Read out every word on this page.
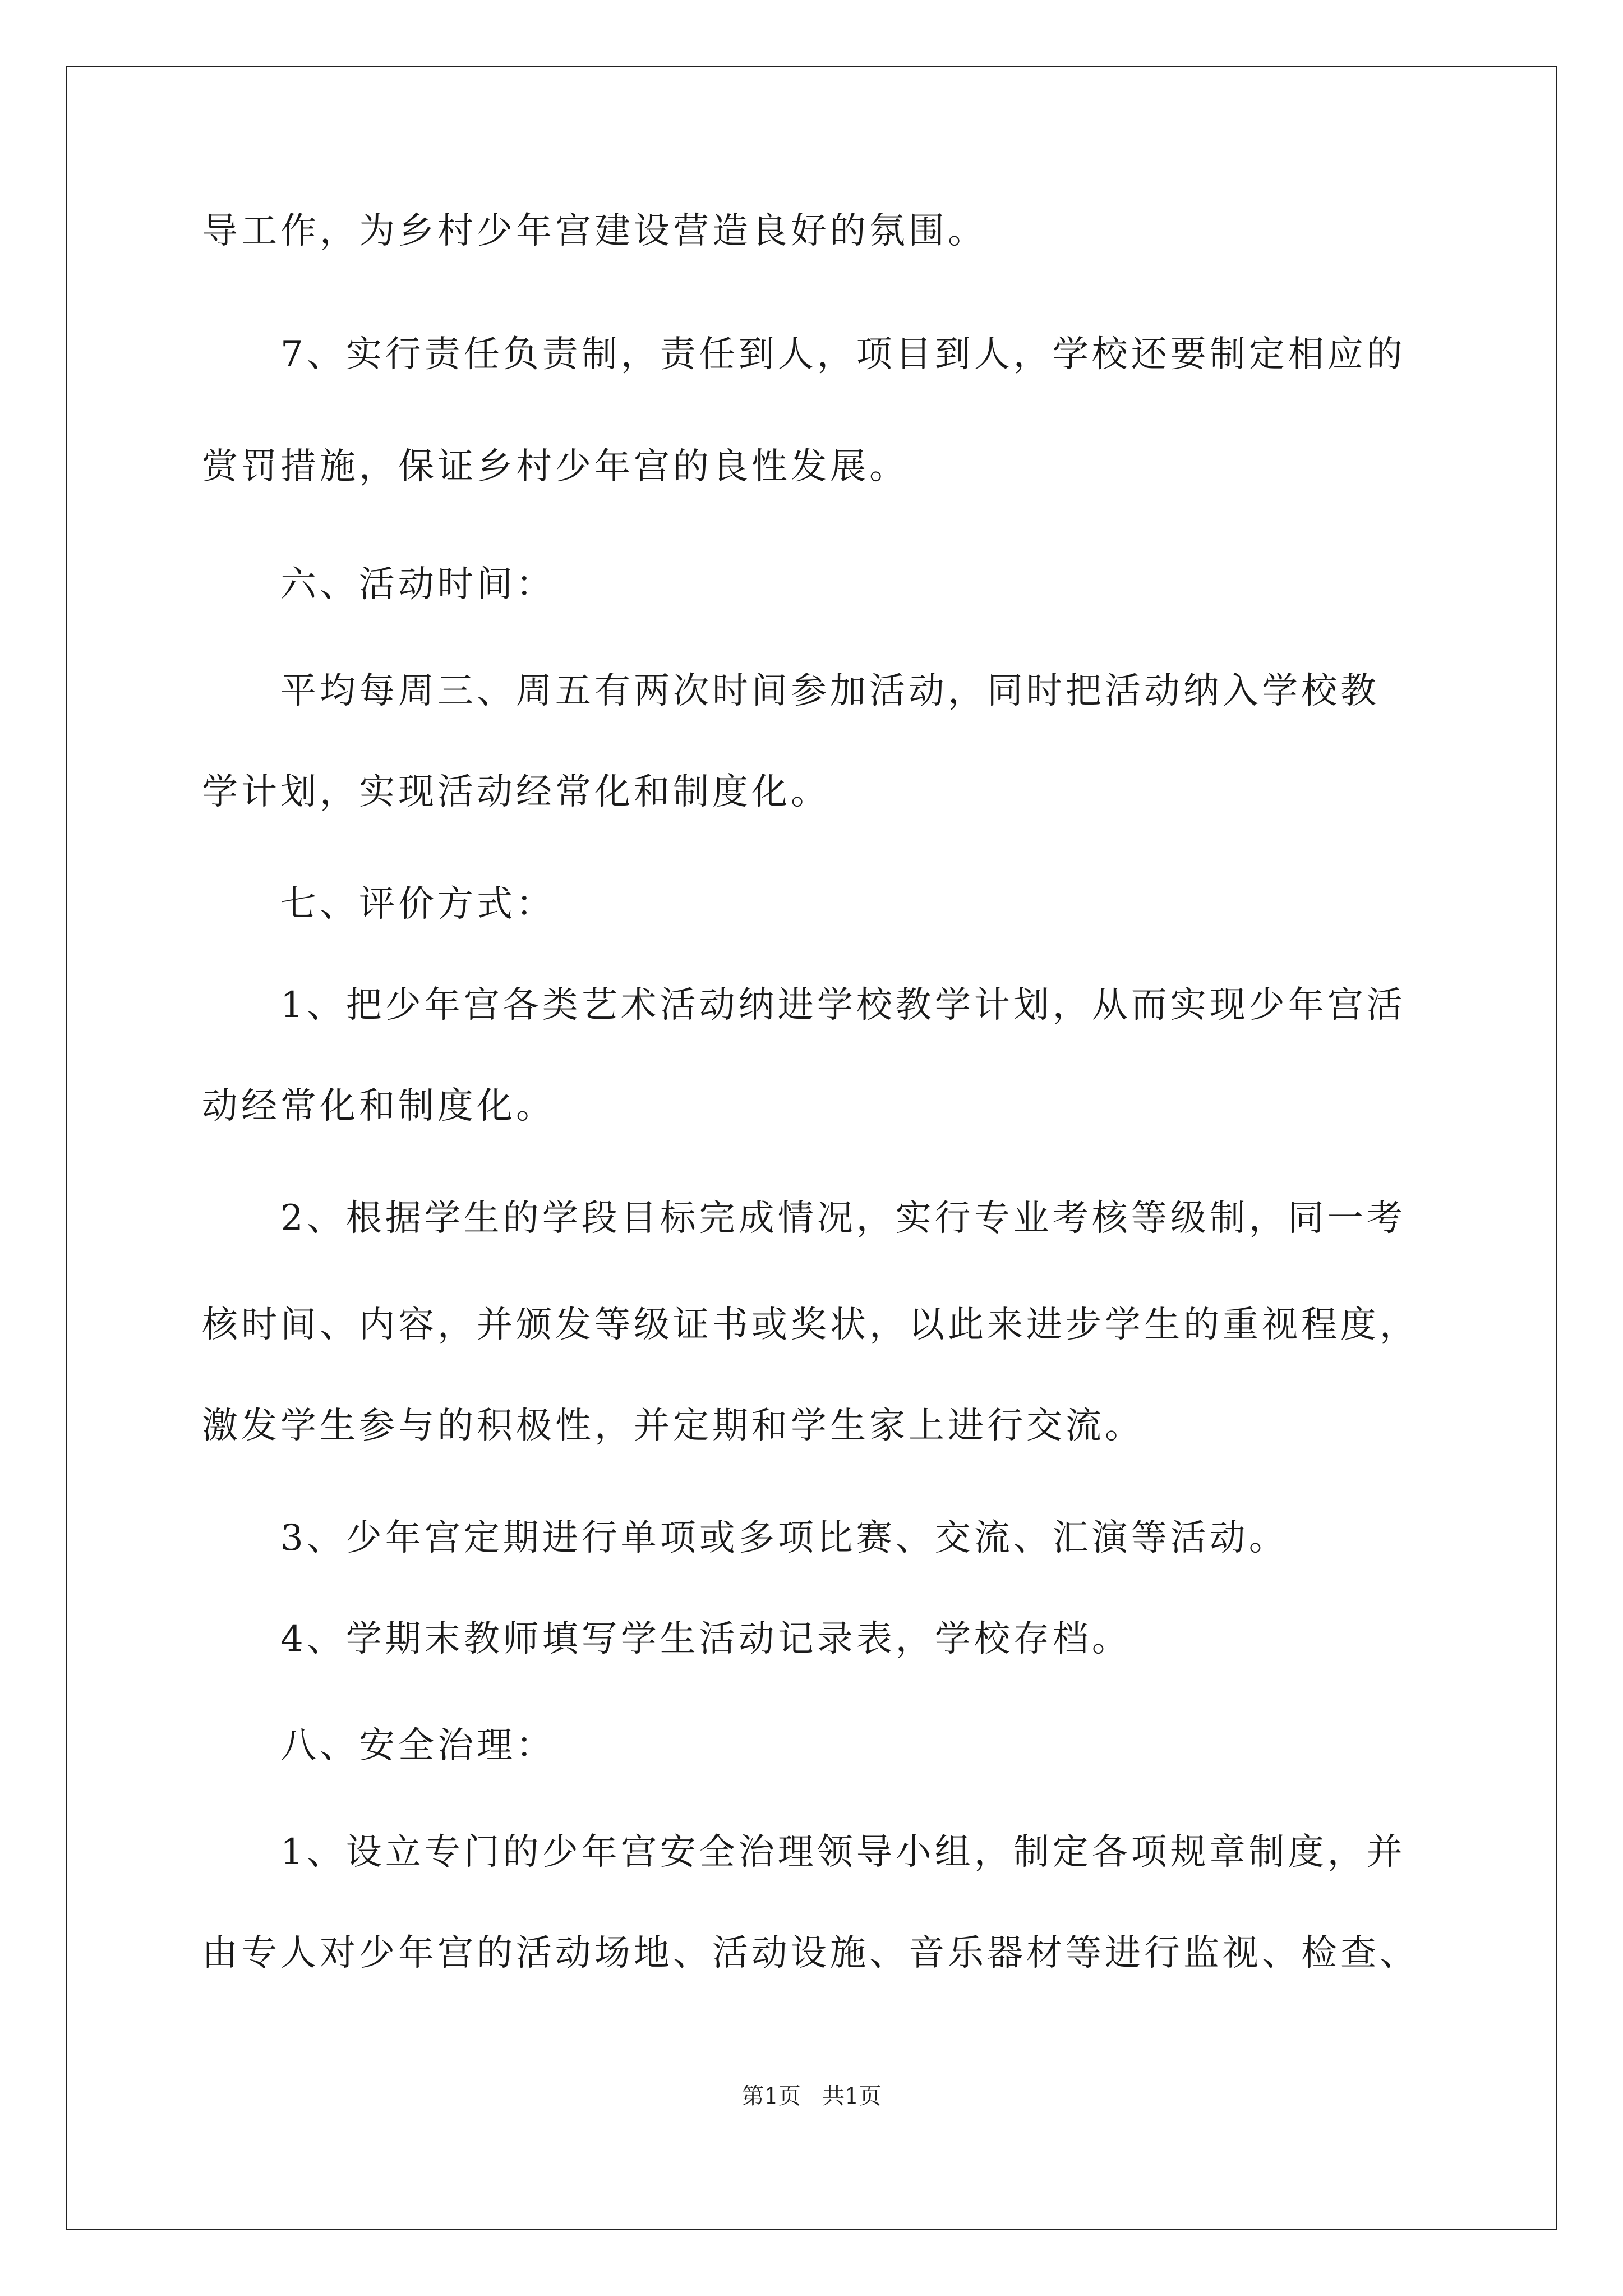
导工作，为乡村少年宫建设营造良好的氛围。
7、实行责任负责制，责任到人，项目到人，学校还要制定相应的
赏罚措施，保证乡村少年宫的良性发展。
六、活动时间：
平均每周三、周五有两次时间参加活动，同时把活动纳入学校教
学计划，实现活动经常化和制度化。
七、评价方式：
1、把少年宫各类艺术活动纳进学校教学计划，从而实现少年宫活
动经常化和制度化。
2、根据学生的学段目标完成情况，实行专业考核等级制，同一考
核时间、内容，并颁发等级证书或奖状，以此来进步学生的重视程度，
激发学生参与的积极性，并定期和学生家上进行交流。
3、少年宫定期进行单项或多项比赛、交流、汇演等活动。
4、学期末教师填写学生活动记录表，学校存档。
八、安全治理：
1、设立专门的少年宫安全治理领导小组，制定各项规章制度，并
由专人对少年宫的活动场地、活动设施、音乐器材等进行监视、检查、
第1页   共1页
